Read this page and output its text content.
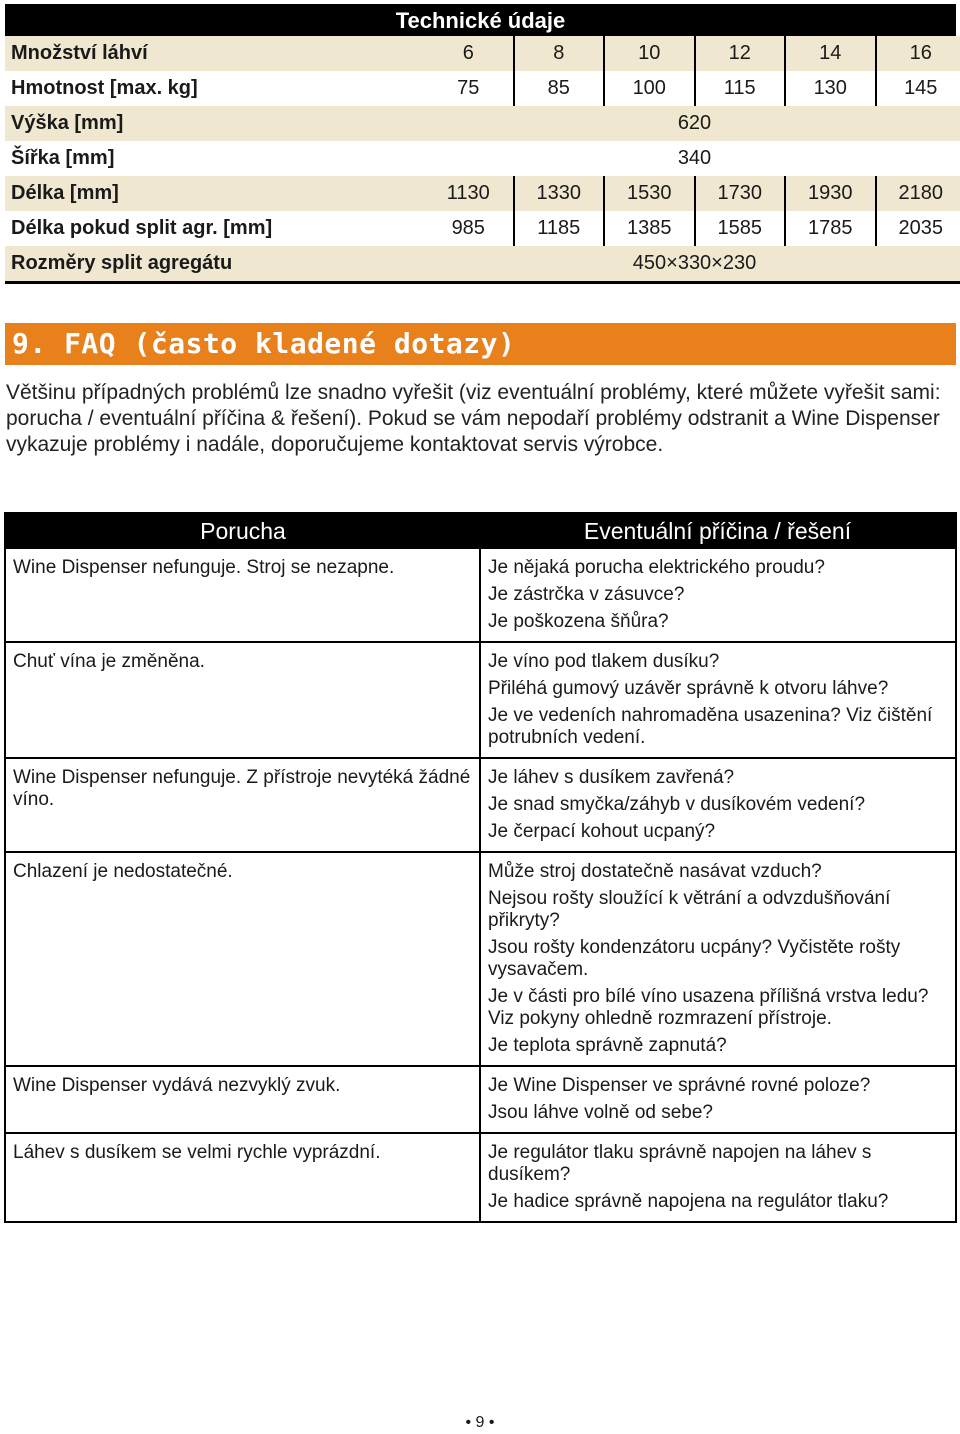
Technické údaje
Množství láhví	6	8	10	12	14	16
Hmotnost [max. kg]	75	85	100	115	130	145
Výška [mm]	620					
Šířka [mm]	340					
Délka [mm]	1130	1330	1530	1730	1930	2180
Délka pokud split agr. [mm]	985	1185	1385	1585	1785	2035
Rozměry split agregátu	450×330×230					
9. FAQ (často kladené dotazy)

Většinu případných problémů lze snadno vyřešit (viz eventuální problémy, které můžete vyřešit sami: porucha / eventuální příčina & řešení). Pokud se vám nepodaří problémy odstranit a Wine Dispenser vykazuje problémy i nadále, doporučujeme kontaktovat servis výrobce.

Porucha	Eventuální příčina / řešení
Wine Dispenser nefunguje. Stroj se nezapne.	Je nějaká porucha elektrického proudu?

Je zástrčka v zásuvce?

Je poškozena šňůra?

Chuť vína je změněna.	Je víno pod tlakem dusíku?

Přiléhá gumový uzávěr správně k otvoru láhve?

Je ve vedeních nahromaděna usazenina? Viz čištění potrubních vedení.

Wine Dispenser nefunguje. Z přístroje nevytéká žádné víno.	Je láhev s dusíkem zavřená?

Je snad smyčka/záhyb v dusíkovém vedení?

Je čerpací kohout ucpaný?

Chlazení je nedostatečné.	Může stroj dostatečně nasávat vzduch?

Nejsou rošty sloužící k větrání a odvzdušňování přikryty?

Jsou rošty kondenzátoru ucpány? Vyčistěte rošty vysavačem.

Je v části pro bílé víno usazena přílišná vrstva ledu? Viz pokyny ohledně rozmrazení přístroje.

Je teplota správně zapnutá?

Wine Dispenser vydává nezvyklý zvuk.	Je Wine Dispenser ve správné rovné poloze?

Jsou láhve volně od sebe?

Láhev s dusíkem se velmi rychle vyprázdní.	Je regulátor tlaku správně napojen na láhev s dusíkem?

Je hadice správně napojena na regulátor tlaku?

• 9 •
